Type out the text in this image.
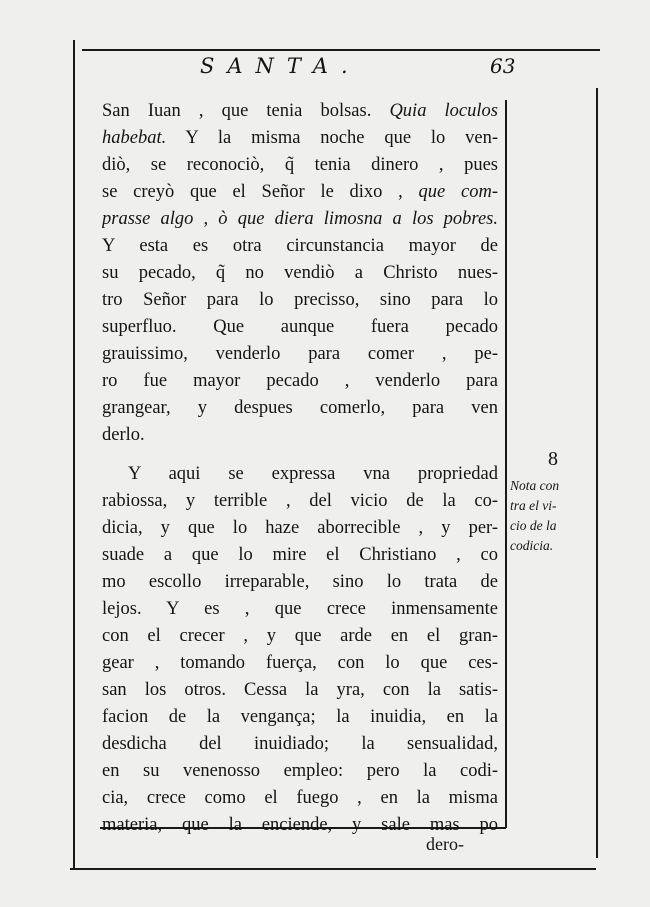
SANTA.	63
San Iuan , que tenia bolsas. Quia loculos
habebat. Y la misma noche que lo ven-
diò, se reconociò, q̃ tenia dinero , pues
se creyò que el Señor le dixo , que com-
prasse algo , ò que diera limosna a los pobres.
Y esta es otra circunstancia mayor de
su pecado, q̃ no vendiò a Christo nues-
tro Señor para lo precisso, sino para lo
superfluo. Que aunque fuera pecado
grauissimo, venderlo para comer , pe-
ro fue mayor pecado , venderlo para
grangear, y despues comerlo, para ven
derlo.
Y aqui se expressa vna propriedad
rabiossa, y terrible , del vicio de la co-
dicia, y que lo haze aborrecible , y per-
suade a que lo mire el Christiano , co
mo escollo irreparable, sino lo trata de
lejos. Y es , que crece inmensamente
con el crecer , y que arde en el gran-
gear , tomando fuerça, con lo que ces-
san los otros. Cessa la yra, con la satis-
facion de la vengança; la inuidia, en la
desdicha del inuidiado; la sensualidad,
en su venenosso empleo: pero la codi-
cia, crece como el fuego , en la misma
materia, que la enciende, y sale mas po
8
Nota con
tra el vi-
cio de la
codicia.
dero-
